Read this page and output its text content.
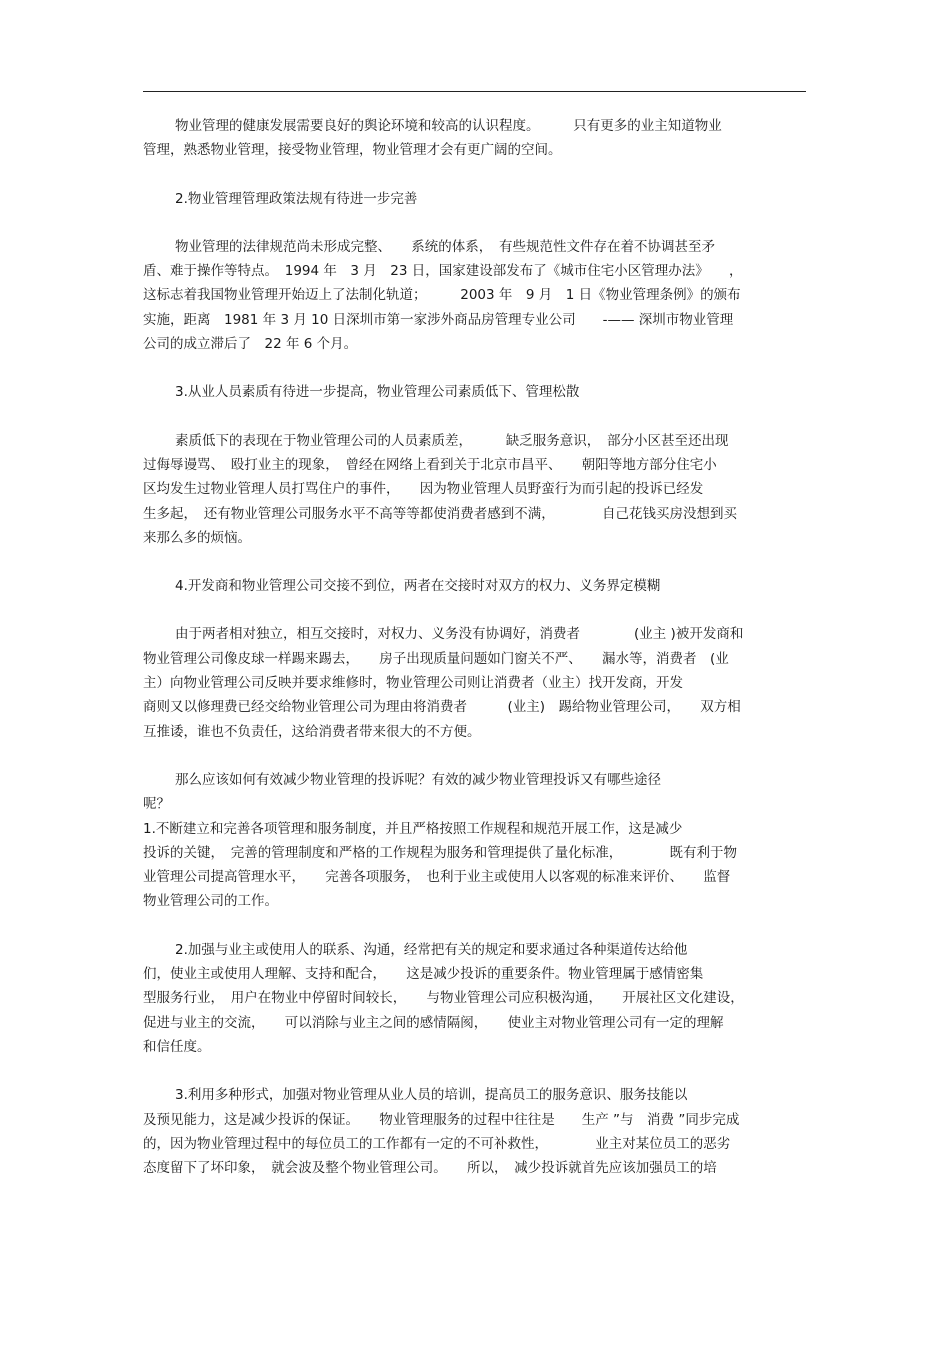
物业管理的健康发展需要良好的舆论环境和较高的认识程度。　　　只有更多的业主知道物业
管理，熟悉物业管理，接受物业管理，物业管理才会有更广阔的空间。

2.物业管理管理政策法规有待进一步完善

物业管理的法律规范尚未形成完整、　　系统的体系，　有些规范性文件存在着不协调甚至矛
盾、难于操作等特点。　1994 年　3 月　23 日，国家建设部发布了《城市住宅小区管理办法》　　，
这标志着我国物业管理开始迈上了法制化轨道；　　　2003 年　9 月　1 日《物业管理条例》的颁布
实施，距离　1981 年 3 月 10 日深圳市第一家涉外商品房管理专业公司　　-—— 深圳市物业管理
公司的成立滞后了　22 年 6 个月。

3.从业人员素质有待进一步提高，物业管理公司素质低下、管理松散

素质低下的表现在于物业管理公司的人员素质差，　　　缺乏服务意识，　部分小区甚至还出现
过侮辱谩骂、　殴打业主的现象，　曾经在网络上看到关于北京市昌平、　　朝阳等地方部分住宅小
区均发生过物业管理人员打骂住户的事件，　　因为物业管理人员野蛮行为而引起的投诉已经发
生多起，　还有物业管理公司服务水平不高等等都使消费者感到不满，　　　　自己花钱买房没想到买
来那么多的烦恼。

4.开发商和物业管理公司交接不到位，两者在交接时对双方的权力、义务界定模糊

由于两者相对独立，相互交接时，对权力、义务没有协调好，消费者　　　　(业主 )被开发商和
物业管理公司像皮球一样踢来踢去，　　房子出现质量问题如门窗关不严、　　漏水等，消费者　(业
主）向物业管理公司反映并要求维修时，物业管理公司则让消费者（业主）找开发商，开发
商则又以修理费已经交给物业管理公司为理由将消费者　　　(业主)　踢给物业管理公司，　　双方相
互推诿，谁也不负责任，这给消费者带来很大的不方便。

那么应该如何有效减少物业管理的投诉呢？有效的减少物业管理投诉又有哪些途径
呢？

1.不断建立和完善各项管理和服务制度，并且严格按照工作规程和规范开展工作，这是减少
投诉的关键，　完善的管理制度和严格的工作规程为服务和管理提供了量化标准，　　　　既有利于物
业管理公司提高管理水平，　　完善各项服务，　也利于业主或使用人以客观的标准来评价、　　监督
物业管理公司的工作。

2.加强与业主或使用人的联系、沟通，经常把有关的规定和要求通过各种渠道传达给他
们，使业主或使用人理解、支持和配合，　　这是减少投诉的重要条件。物业管理属于感情密集
型服务行业，　用户在物业中停留时间较长，　　与物业管理公司应积极沟通，　　开展社区文化建设，
促进与业主的交流，　　可以消除与业主之间的感情隔阂，　　使业主对物业管理公司有一定的理解
和信任度。

3.利用多种形式，加强对物业管理从业人员的培训，提高员工的服务意识、服务技能以
及预见能力，这是减少投诉的保证。　　物业管理服务的过程中往往是　　生产 ”与　消费 ”同步完成
的，因为物业管理过程中的每位员工的工作都有一定的不可补救性，　　　　业主对某位员工的恶劣
态度留下了坏印象，　就会波及整个物业管理公司。　　所以，　减少投诉就首先应该加强员工的培
